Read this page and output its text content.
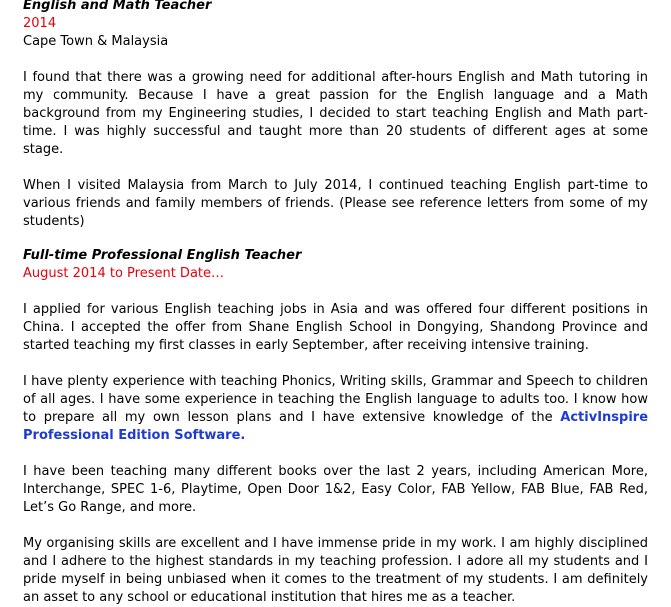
English and Math Teacher
2014
Cape Town & Malaysia

I found that there was a growing need for additional after-hours English and Math tutoring in my community. Because I have a great passion for the English language and a Math background from my Engineering studies, I decided to start teaching English and Math part-time. I was highly successful and taught more than 20 students of different ages at some stage.

When I visited Malaysia from March to July 2014, I continued teaching English part-time to various friends and family members of friends. (Please see reference letters from some of my students)

Full-time Professional English Teacher
August 2014 to Present Date…

I applied for various English teaching jobs in Asia and was offered four different positions in China. I accepted the offer from Shane English School in Dongying, Shandong Province and started teaching my first classes in early September, after receiving intensive training.

I have plenty experience with teaching Phonics, Writing skills, Grammar and Speech to children of all ages. I have some experience in teaching the English language to adults too. I know how to prepare all my own lesson plans and I have extensive knowledge of the ActivInspire Professional Edition Software.

I have been teaching many different books over the last 2 years, including American More, Interchange, SPEC 1-6, Playtime, Open Door 1&2, Easy Color, FAB Yellow, FAB Blue, FAB Red, Let’s Go Range, and more.

My organising skills are excellent and I have immense pride in my work. I am highly disciplined and I adhere to the highest standards in my teaching profession. I adore all my students and I pride myself in being unbiased when it comes to the treatment of my students. I am definitely an asset to any school or educational institution that hires me as a teacher.
